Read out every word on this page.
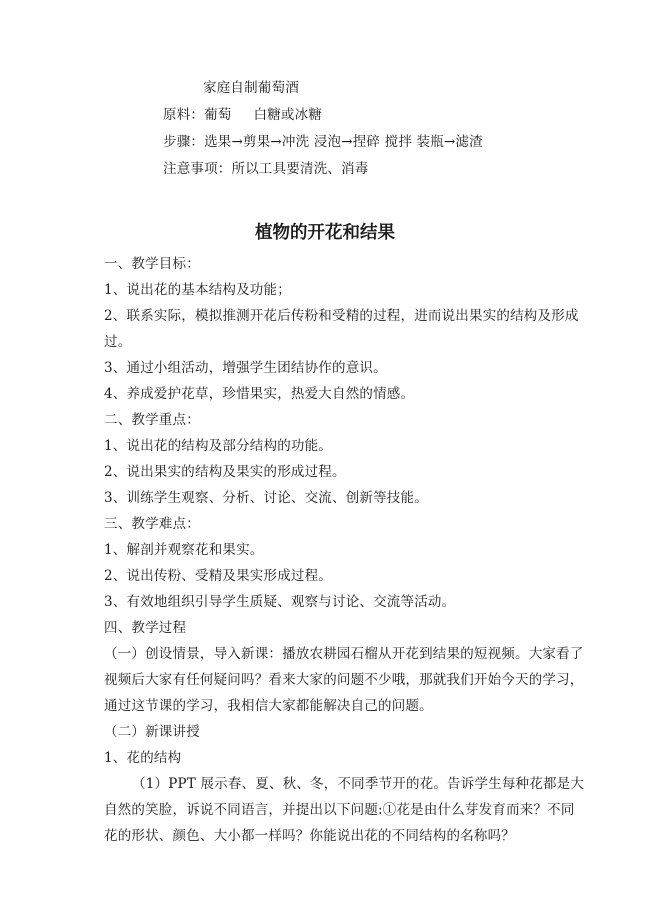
家庭自制葡萄酒
原料：葡萄 白糖或冰糖
步骤：选果→剪果→冲洗 浸泡→捏碎 搅拌 装瓶→滤渣
注意事项：所以工具要清洗、消毒
植物的开花和结果
一、教学目标：
1、说出花的基本结构及功能；
2、联系实际，模拟推测开花后传粉和受精的过程，进而说出果实的结构及形成
过。
3、通过小组活动，增强学生团结协作的意识。
4、养成爱护花草，珍惜果实，热爱大自然的情感。
二、教学重点：
1、说出花的结构及部分结构的功能。
2、说出果实的结构及果实的形成过程。
3、训练学生观察、分析、讨论、交流、创新等技能。
三、教学难点：
1、解剖并观察花和果实。
2、说出传粉、受精及果实形成过程。
3、有效地组织引导学生质疑、观察与讨论、交流等活动。
四、教学过程
（一）创设情景，导入新课：播放农耕园石榴从开花到结果的短视频。大家看了
视频后大家有任何疑问吗？看来大家的问题不少哦，那就我们开始今天的学习，
通过这节课的学习，我相信大家都能解决自己的问题。
（二）新课讲授
1、花的结构
（1）PPT 展示春、夏、秋、冬，不同季节开的花。告诉学生每种花都是大
自然的笑脸，诉说不同语言，并提出以下问题:①花是由什么芽发育而来？不同
花的形状、颜色、大小都一样吗？你能说出花的不同结构的名称吗？
